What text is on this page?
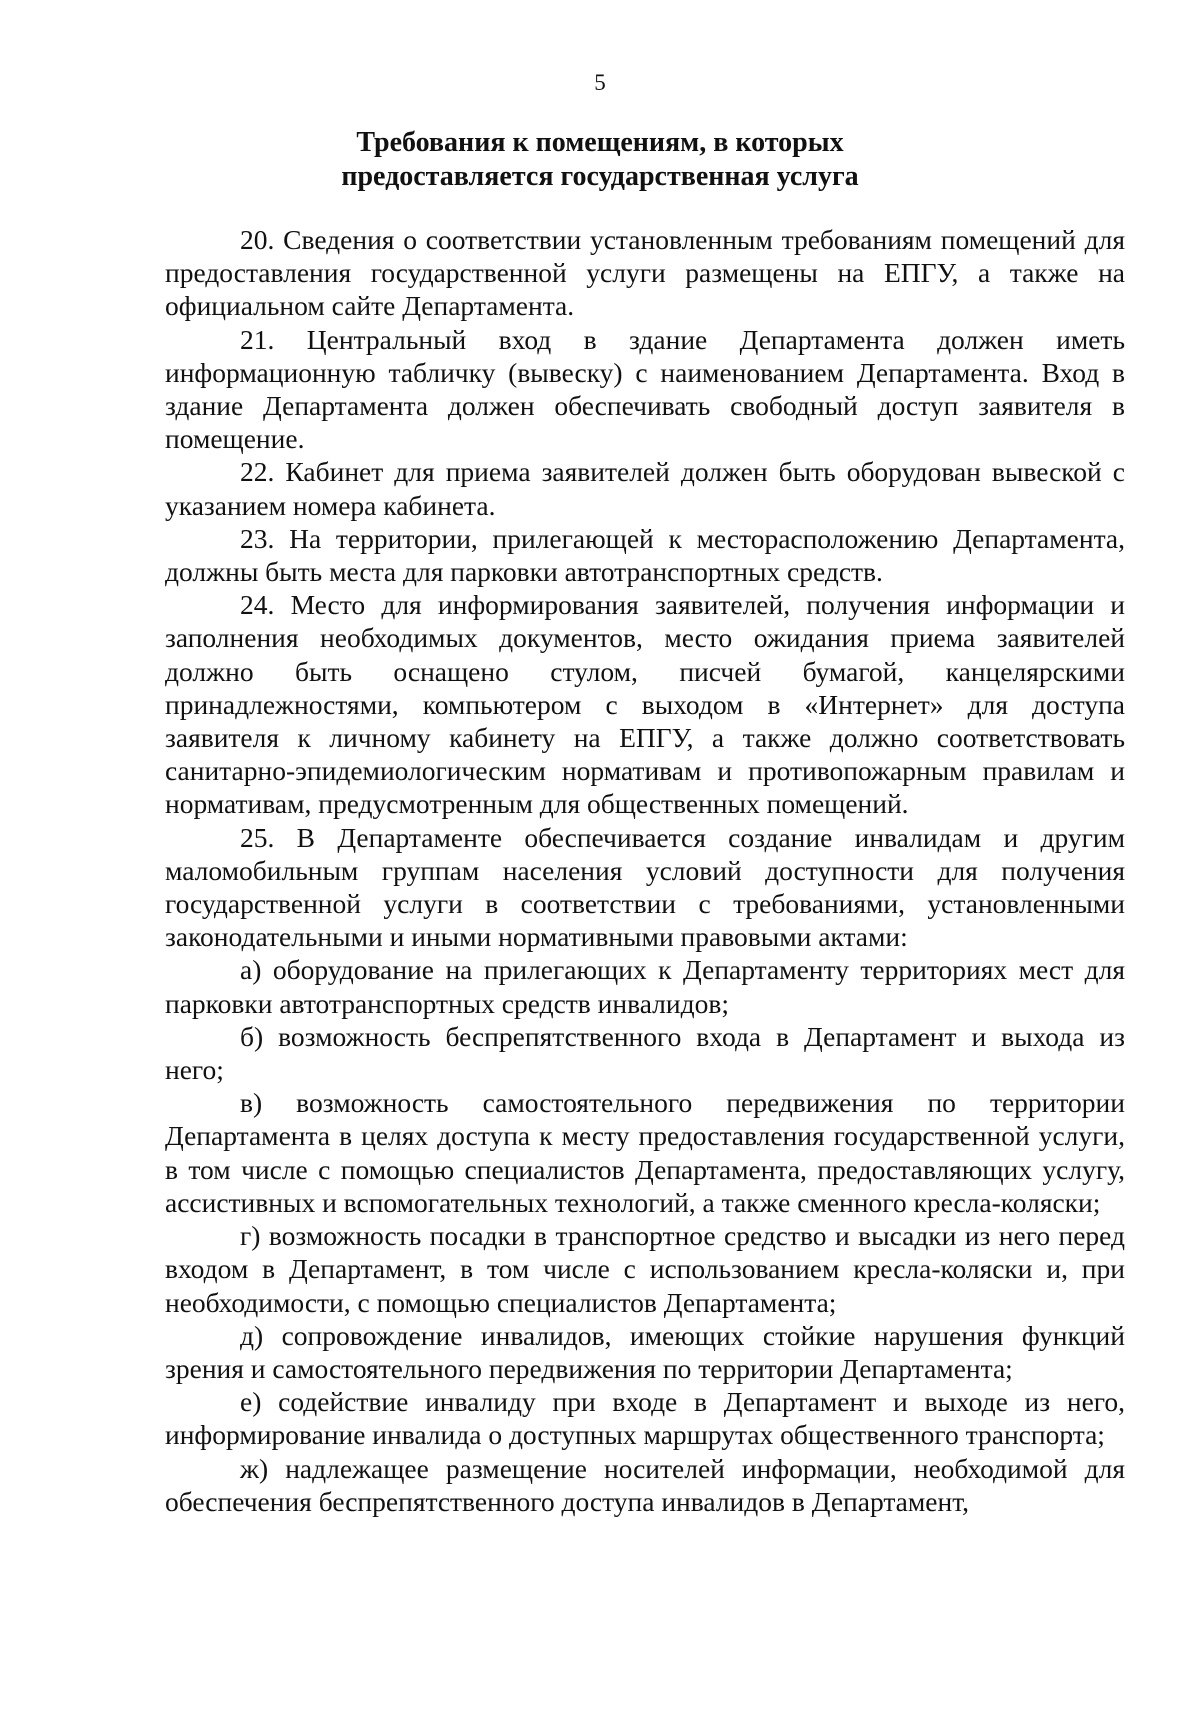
5
Требования к помещениям, в которых
предоставляется государственная услуга

20. Сведения о соответствии установленным требованиям помещений для предоставления государственной услуги размещены на ЕПГУ, а также на официальном сайте Департамента.

21. Центральный вход в здание Департамента должен иметь информационную табличку (вывеску) с наименованием Департамента. Вход в здание Департамента должен обеспечивать свободный доступ заявителя в помещение.

22. Кабинет для приема заявителей должен быть оборудован вывеской с указанием номера кабинета.

23. На территории, прилегающей к месторасположению Департамента, должны быть места для парковки автотранспортных средств.

24. Место для информирования заявителей, получения информации и заполнения необходимых документов, место ожидания приема заявителей должно быть оснащено стулом, писчей бумагой, канцелярскими принадлежностями, компьютером с выходом в «Интернет» для доступа заявителя к личному кабинету на ЕПГУ, а также должно соответствовать санитарно-эпидемиологическим нормативам и противопожарным правилам и нормативам, предусмотренным для общественных помещений.

25. В Департаменте обеспечивается создание инвалидам и другим маломобильным группам населения условий доступности для получения государственной услуги в соответствии с требованиями, установленными законодательными и иными нормативными правовыми актами:

а) оборудование на прилегающих к Департаменту территориях мест для парковки автотранспортных средств инвалидов;

б) возможность беспрепятственного входа в Департамент и выхода из него;

в) возможность самостоятельного передвижения по территории Департамента в целях доступа к месту предоставления государственной услуги, в том числе с помощью специалистов Департамента, предоставляющих услугу, ассистивных и вспомогательных технологий, а также сменного кресла-коляски;

г) возможность посадки в транспортное средство и высадки из него перед входом в Департамент, в том числе с использованием кресла-коляски и, при необходимости, с помощью специалистов Департамента;

д) сопровождение инвалидов, имеющих стойкие нарушения функций зрения и самостоятельного передвижения по территории Департамента;

е) содействие инвалиду при входе в Департамент и выходе из него, информирование инвалида о доступных маршрутах общественного транспорта;

ж) надлежащее размещение носителей информации, необходимой для обеспечения беспрепятственного доступа инвалидов в Департамент,
